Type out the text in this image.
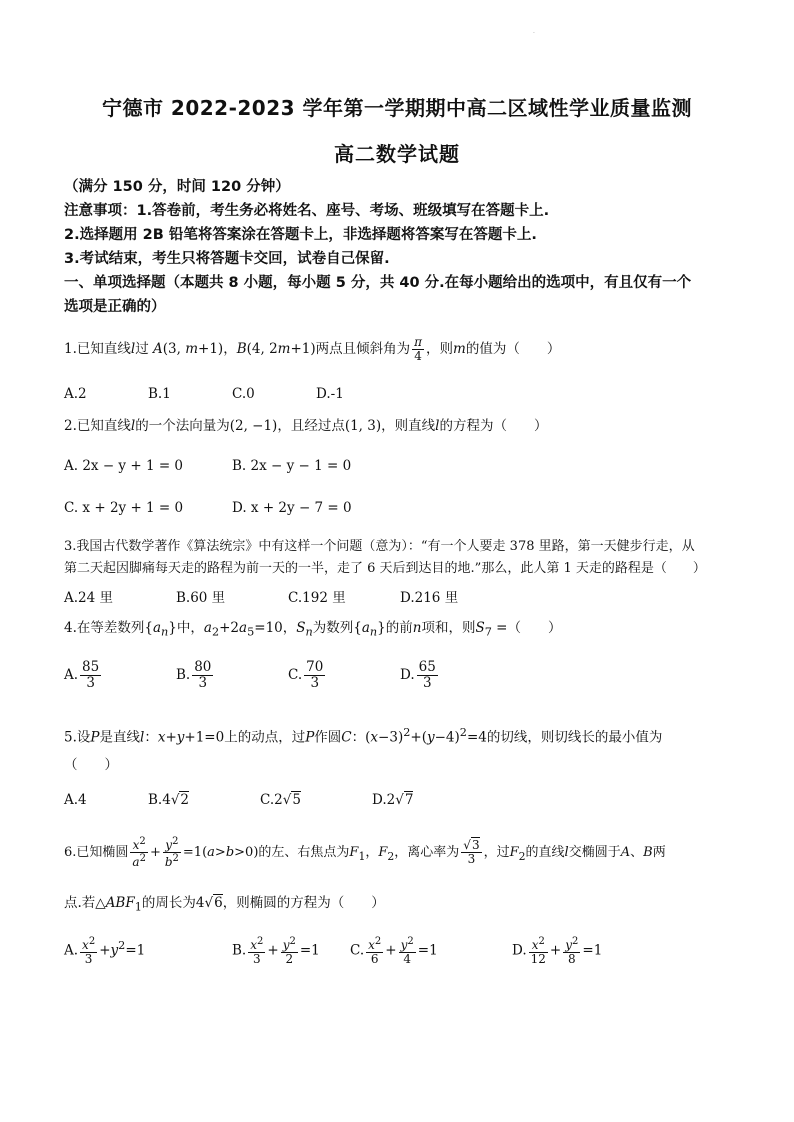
·
宁德市 2022-2023 学年第一学期期中高二区域性学业质量监测
高二数学试题
（满分 150 分，时间 120 分钟）
注意事项：1.答卷前，考生务必将姓名、座号、考场、班级填写在答题卡上.
2.选择题用 2B 铅笔将答案涂在答题卡上，非选择题将答案写在答题卡上.
3.考试结束，考生只将答题卡交回，试卷自己保留.
一、单项选择题（本题共 8 小题，每小题 5 分，共 40 分.在每小题给出的选项中，有且仅有一个
选项是正确的）
1.已知直线l过 A(3, m+1)，B(4, 2m+1)两点且倾斜角为 $\frac{\pi}{4}$ ，则m的值为（　　）
A.2	B.1	C.0	D.-1
2.已知直线l的一个法向量为(2, −1)，且经过点(1, 3)，则直线l的方程为（　　）
A. 2x − y + 1 = 0	B. 2x − y − 1 = 0
C. x + 2y + 1 = 0	D. x + 2y − 7 = 0
3.我国古代数学著作《算法统宗》中有这样一个问题（意为）：“有一个人要走 378 里路，第一天健步行走，从
第二天起因脚痛每天走的路程为前一天的一半，走了 6 天后到达目的地.”那么，此人第 1 天走的路程是（　　）
A.24 里	B.60 里	C.192 里	D.216 里
4.在等差数列$\{a_n\}$中，$a_2+2a_5=10$，$S_n$为数列$\{a_n\}$的前n项和，则$S_7$ =（　　）
A. $\frac{85}{3}$	B. $\frac{80}{3}$	C. $\frac{70}{3}$	D. $\frac{65}{3}$
5.设P是直线l：x+y+1=0上的动点，过P作圆C：$(x-3)^2+(y-4)^2=4$的切线，则切线长的最小值为
（　　）
A.4	B.4√2	C.2√5	D.2√7
6.已知椭圆 $\frac{x^2}{a^2} + \frac{y^2}{b^2} =1(a>b>0)$的左、右焦点为$F_1$，$F_2$，离心率为 $\frac{√3}{3}$ ，过$F_2$的直线l交椭圆于A、B两
点.若$\triangle ABF_1$的周长为4√6，则椭圆的方程为（　　）
A. $\frac{x^2}{3} +y^2=1$	B. $\frac{x^2}{3} + \frac{y^2}{2} =1$ C. $\frac{x^2}{6} + \frac{y^2}{4} =1$	D. $\frac{x^2}{12} + \frac{y^2}{8} =1$
